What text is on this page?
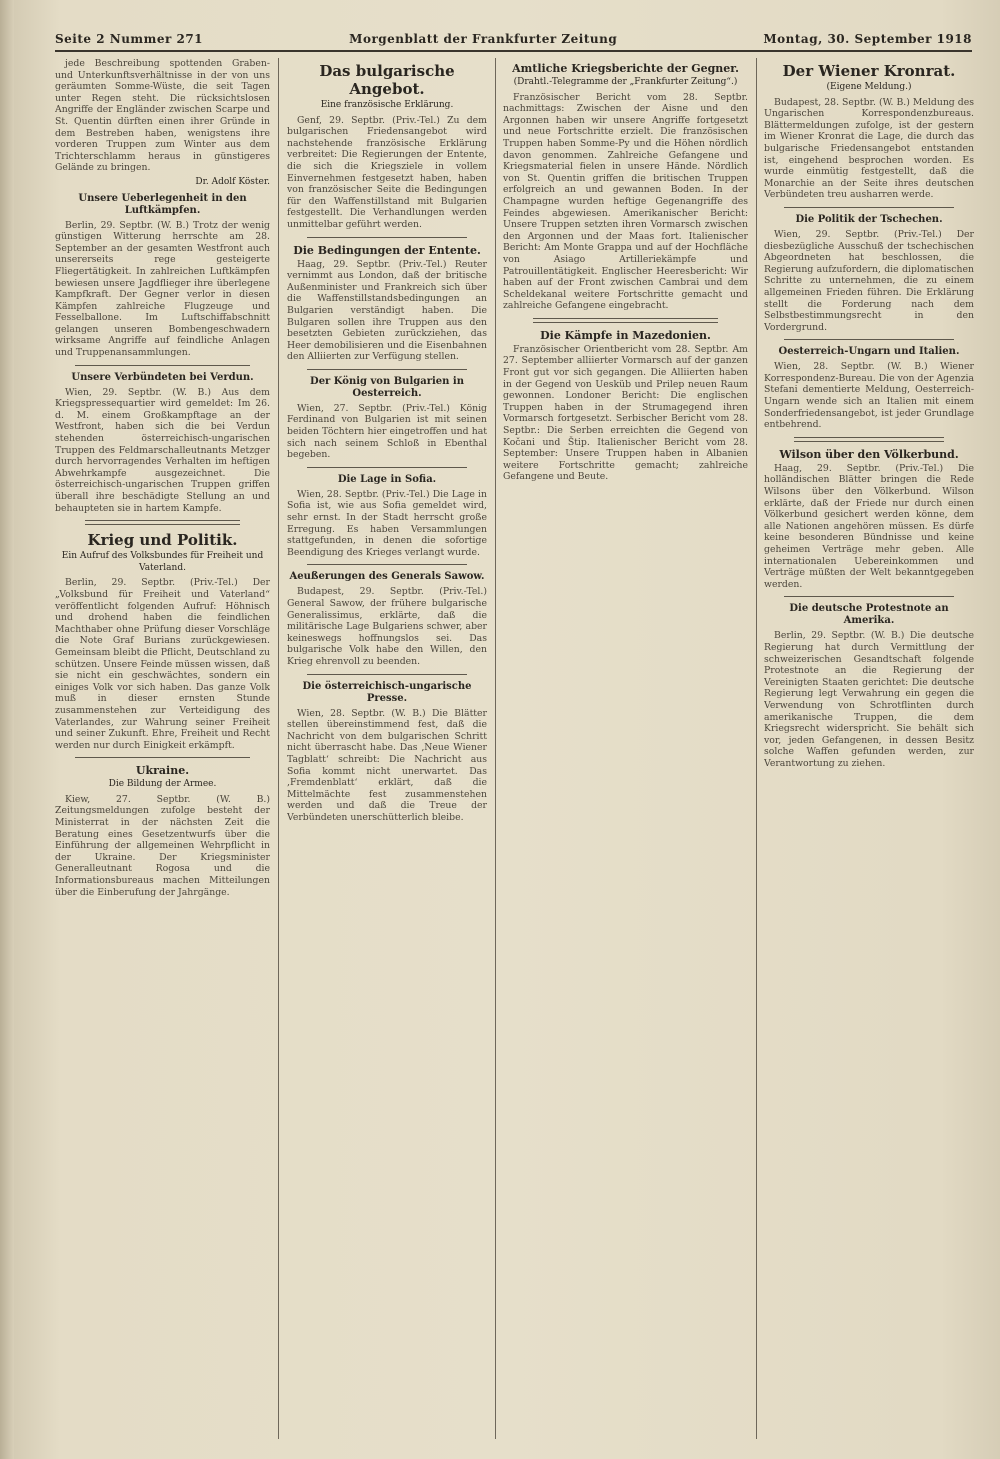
Seite 2 Nummer 271	Morgenblatt der Frankfurter Zeitung	Montag, 30. September 1918

jede Beschreibung spottenden Graben- und Unterkunftsverhältnisse in der von uns geräumten Somme-Wüste, die seit Tagen unter Regen steht. Die rücksichtslosen Angriffe der Engländer zwischen Scarpe und St. Quentin dürften einen ihrer Gründe in dem Bestreben haben, wenigstens ihre vorderen Truppen zum Winter aus dem Trichterschlamm heraus in günstigeres Gelände zu bringen.

Dr. Adolf Köster.
Unsere Ueberlegenheit in den Luftkämpfen.

Berlin, 29. Septbr. (W. B.) Trotz der wenig günstigen Witterung herrschte am 28. September an der gesamten Westfront auch unsererseits rege gesteigerte Fliegertätigkeit. In zahlreichen Luftkämpfen bewiesen unsere Jagdflieger ihre überlegene Kampfkraft. Der Gegner verlor in diesen Kämpfen zahlreiche Flugzeuge und Fesselballone. Im Luftschiffabschnitt gelangen unseren Bombengeschwadern wirksame Angriffe auf feindliche Anlagen und Truppenansammlungen.

Unsere Verbündeten bei Verdun.

Wien, 29. Septbr. (W. B.) Aus dem Kriegspressequartier wird gemeldet: Im 26. d. M. einem Großkampftage an der Westfront, haben sich die bei Verdun stehenden österreichisch-ungarischen Truppen des Feldmarschalleutnants Metzger durch hervorragendes Verhalten im heftigen Abwehrkampfe ausgezeichnet. Die österreichisch-ungarischen Truppen griffen überall ihre beschädigte Stellung an und behaupteten sie in hartem Kampfe.

Krieg und Politik.
Ein Aufruf des Volksbundes für Freiheit und Vaterland.

Berlin, 29. Septbr. (Priv.-Tel.) Der „Volksbund für Freiheit und Vaterland“ veröffentlicht folgenden Aufruf: Höhnisch und drohend haben die feindlichen Machthaber ohne Prüfung dieser Vorschläge die Note Graf Burians zurückgewiesen. Gemeinsam bleibt die Pflicht, Deutschland zu schützen. Unsere Feinde müssen wissen, daß sie nicht ein geschwächtes, sondern ein einiges Volk vor sich haben. Das ganze Volk muß in dieser ernsten Stunde zusammenstehen zur Verteidigung des Vaterlandes, zur Wahrung seiner Freiheit und seiner Zukunft. Ehre, Freiheit und Recht werden nur durch Einigkeit erkämpft.

Ukraine.
Die Bildung der Armee.

Kiew, 27. Septbr. (W. B.) Zeitungsmeldungen zufolge besteht der Ministerrat in der nächsten Zeit die Beratung eines Gesetzentwurfs über die Einführung der allgemeinen Wehrpflicht in der Ukraine. Der Kriegsminister Generalleutnant Rogosa und die Informationsbureaus machen Mitteilungen über die Einberufung der Jahrgänge.

Das bulgarische Angebot.
Eine französische Erklärung.

Genf, 29. Septbr. (Priv.-Tel.) Zu dem bulgarischen Friedensangebot wird nachstehende französische Erklärung verbreitet: Die Regierungen der Entente, die sich die Kriegsziele in vollem Einvernehmen festgesetzt haben, haben von französischer Seite die Bedingungen für den Waffenstillstand mit Bulgarien festgestellt. Die Verhandlungen werden unmittelbar geführt werden.

Die Bedingungen der Entente.

Haag, 29. Septbr. (Priv.-Tel.) Reuter vernimmt aus London, daß der britische Außenminister und Frankreich sich über die Waffenstillstandsbedingungen an Bulgarien verständigt haben. Die Bulgaren sollen ihre Truppen aus den besetzten Gebieten zurückziehen, das Heer demobilisieren und die Eisenbahnen den Alliierten zur Verfügung stellen.

Der König von Bulgarien in Oesterreich.

Wien, 27. Septbr. (Priv.-Tel.) König Ferdinand von Bulgarien ist mit seinen beiden Töchtern hier eingetroffen und hat sich nach seinem Schloß in Ebenthal begeben.

Die Lage in Sofia.

Wien, 28. Septbr. (Priv.-Tel.) Die Lage in Sofia ist, wie aus Sofia gemeldet wird, sehr ernst. In der Stadt herrscht große Erregung. Es haben Versammlungen stattgefunden, in denen die sofortige Beendigung des Krieges verlangt wurde.

Aeußerungen des Generals Sawow.

Budapest, 29. Septbr. (Priv.-Tel.) General Sawow, der frühere bulgarische Generalissimus, erklärte, daß die militärische Lage Bulgariens schwer, aber keineswegs hoffnungslos sei. Das bulgarische Volk habe den Willen, den Krieg ehrenvoll zu beenden.

Die österreichisch-ungarische Presse.

Wien, 28. Septbr. (W. B.) Die Blätter stellen übereinstimmend fest, daß die Nachricht von dem bulgarischen Schritt nicht überrascht habe. Das ‚Neue Wiener Tagblatt‘ schreibt: Die Nachricht aus Sofia kommt nicht unerwartet. Das ‚Fremdenblatt‘ erklärt, daß die Mittelmächte fest zusammenstehen werden und daß die Treue der Verbündeten unerschütterlich bleibe.

Amtliche Kriegsberichte der Gegner.
(Drahtl.-Telegramme der „Frankfurter Zeitung“.)

Französischer Bericht vom 28. Septbr. nachmittags: Zwischen der Aisne und den Argonnen haben wir unsere Angriffe fortgesetzt und neue Fortschritte erzielt. Die französischen Truppen haben Somme-Py und die Höhen nördlich davon genommen. Zahlreiche Gefangene und Kriegsmaterial fielen in unsere Hände. Nördlich von St. Quentin griffen die britischen Truppen erfolgreich an und gewannen Boden. In der Champagne wurden heftige Gegenangriffe des Feindes abgewiesen. Amerikanischer Bericht: Unsere Truppen setzten ihren Vormarsch zwischen den Argonnen und der Maas fort. Italienischer Bericht: Am Monte Grappa und auf der Hochfläche von Asiago Artilleriekämpfe und Patrouillentätigkeit. Englischer Heeresbericht: Wir haben auf der Front zwischen Cambrai und dem Scheldekanal weitere Fortschritte gemacht und zahlreiche Gefangene eingebracht.

Die Kämpfe in Mazedonien.

Französischer Orientbericht vom 28. Septbr. Am 27. September alliierter Vormarsch auf der ganzen Front gut vor sich gegangen. Die Alliierten haben in der Gegend von Uesküb und Prilep neuen Raum gewonnen. Londoner Bericht: Die englischen Truppen haben in der Strumagegend ihren Vormarsch fortgesetzt. Serbischer Bericht vom 28. Septbr.: Die Serben erreichten die Gegend von Kočani und Štip. Italienischer Bericht vom 28. September: Unsere Truppen haben in Albanien weitere Fortschritte gemacht; zahlreiche Gefangene und Beute.

Der Wiener Kronrat.
(Eigene Meldung.)

Budapest, 28. Septbr. (W. B.) Meldung des Ungarischen Korrespondenzbureaus. Blättermeldungen zufolge, ist der gestern im Wiener Kronrat die Lage, die durch das bulgarische Friedensangebot entstanden ist, eingehend besprochen worden. Es wurde einmütig festgestellt, daß die Monarchie an der Seite ihres deutschen Verbündeten treu ausharren werde.

Die Politik der Tschechen.

Wien, 29. Septbr. (Priv.-Tel.) Der diesbezügliche Ausschuß der tschechischen Abgeordneten hat beschlossen, die Regierung aufzufordern, die diplomatischen Schritte zu unternehmen, die zu einem allgemeinen Frieden führen. Die Erklärung stellt die Forderung nach dem Selbstbestimmungsrecht in den Vordergrund.

Oesterreich-Ungarn und Italien.

Wien, 28. Septbr. (W. B.) Wiener Korrespondenz-Bureau. Die von der Agenzia Stefani dementierte Meldung, Oesterreich-Ungarn wende sich an Italien mit einem Sonderfriedensangebot, ist jeder Grundlage entbehrend.

Wilson über den Völkerbund.

Haag, 29. Septbr. (Priv.-Tel.) Die holländischen Blätter bringen die Rede Wilsons über den Völkerbund. Wilson erklärte, daß der Friede nur durch einen Völkerbund gesichert werden könne, dem alle Nationen angehören müssen. Es dürfe keine besonderen Bündnisse und keine geheimen Verträge mehr geben. Alle internationalen Uebereinkommen und Verträge müßten der Welt bekanntgegeben werden.

Die deutsche Protestnote an Amerika.

Berlin, 29. Septbr. (W. B.) Die deutsche Regierung hat durch Vermittlung der schweizerischen Gesandtschaft folgende Protestnote an die Regierung der Vereinigten Staaten gerichtet: Die deutsche Regierung legt Verwahrung ein gegen die Verwendung von Schrotflinten durch amerikanische Truppen, die dem Kriegsrecht widerspricht. Sie behält sich vor, jeden Gefangenen, in dessen Besitz solche Waffen gefunden werden, zur Verantwortung zu ziehen.
